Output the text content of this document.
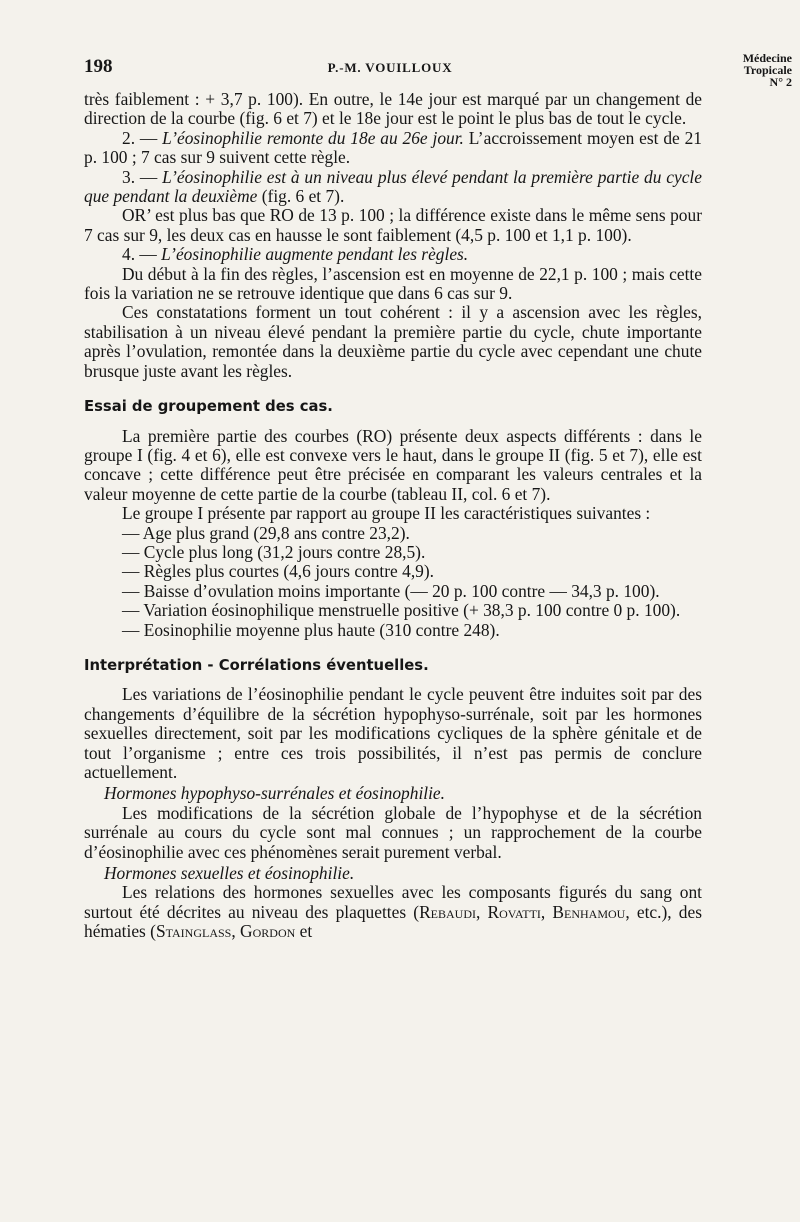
198	P.-M. VOUILLOUX
Médecine
Tropicale
N° 2

très faiblement : + 3,7 p. 100). En outre, le 14e jour est marqué par un changement de direction de la courbe (fig. 6 et 7) et le 18e jour est le point le plus bas de tout le cycle.

2. — L’éosinophilie remonte du 18e au 26e jour. L’accroissement moyen est de 21 p. 100 ; 7 cas sur 9 suivent cette règle.

3. — L’éosinophilie est à un niveau plus élevé pendant la première partie du cycle que pendant la deuxième (fig. 6 et 7).

OR’ est plus bas que RO de 13 p. 100 ; la différence existe dans le même sens pour 7 cas sur 9, les deux cas en hausse le sont faiblement (4,5 p. 100 et 1,1 p. 100).

4. — L’éosinophilie augmente pendant les règles.

Du début à la fin des règles, l’ascension est en moyenne de 22,1 p. 100 ; mais cette fois la variation ne se retrouve identique que dans 6 cas sur 9.

Ces constatations forment un tout cohérent : il y a ascension avec les règles, stabilisation à un niveau élevé pendant la première partie du cycle, chute importante après l’ovulation, remontée dans la deuxième partie du cycle avec cependant une chute brusque juste avant les règles.

Essai de groupement des cas.

La première partie des courbes (RO) présente deux aspects différents : dans le groupe I (fig. 4 et 6), elle est convexe vers le haut, dans le groupe II (fig. 5 et 7), elle est concave ; cette différence peut être précisée en comparant les valeurs centrales et la valeur moyenne de cette partie de la courbe (tableau II, col. 6 et 7).

Le groupe I présente par rapport au groupe II les caractéristiques suivantes :

— Age plus grand (29,8 ans contre 23,2).
— Cycle plus long (31,2 jours contre 28,5).
— Règles plus courtes (4,6 jours contre 4,9).
— Baisse d’ovulation moins importante (— 20 p. 100 contre — 34,3 p. 100).
— Variation éosinophilique menstruelle positive (+ 38,3 p. 100 contre 0 p. 100).
— Eosinophilie moyenne plus haute (310 contre 248).
Interprétation - Corrélations éventuelles.

Les variations de l’éosinophilie pendant le cycle peuvent être induites soit par des changements d’équilibre de la sécrétion hypophyso-surrénale, soit par les hormones sexuelles directement, soit par les modifications cycliques de la sphère génitale et de tout l’organisme ; entre ces trois possibilités, il n’est pas permis de conclure actuellement.

Hormones hypophyso-surrénales et éosinophilie.

Les modifications de la sécrétion globale de l’hypophyse et de la sécrétion surrénale au cours du cycle sont mal connues ; un rapprochement de la courbe d’éosinophilie avec ces phénomènes serait purement verbal.

Hormones sexuelles et éosinophilie.

Les relations des hormones sexuelles avec les composants figurés du sang ont surtout été décrites au niveau des plaquettes (Rebaudi, Rovatti, Benhamou, etc.), des hématies (Stainglass, Gordon et
